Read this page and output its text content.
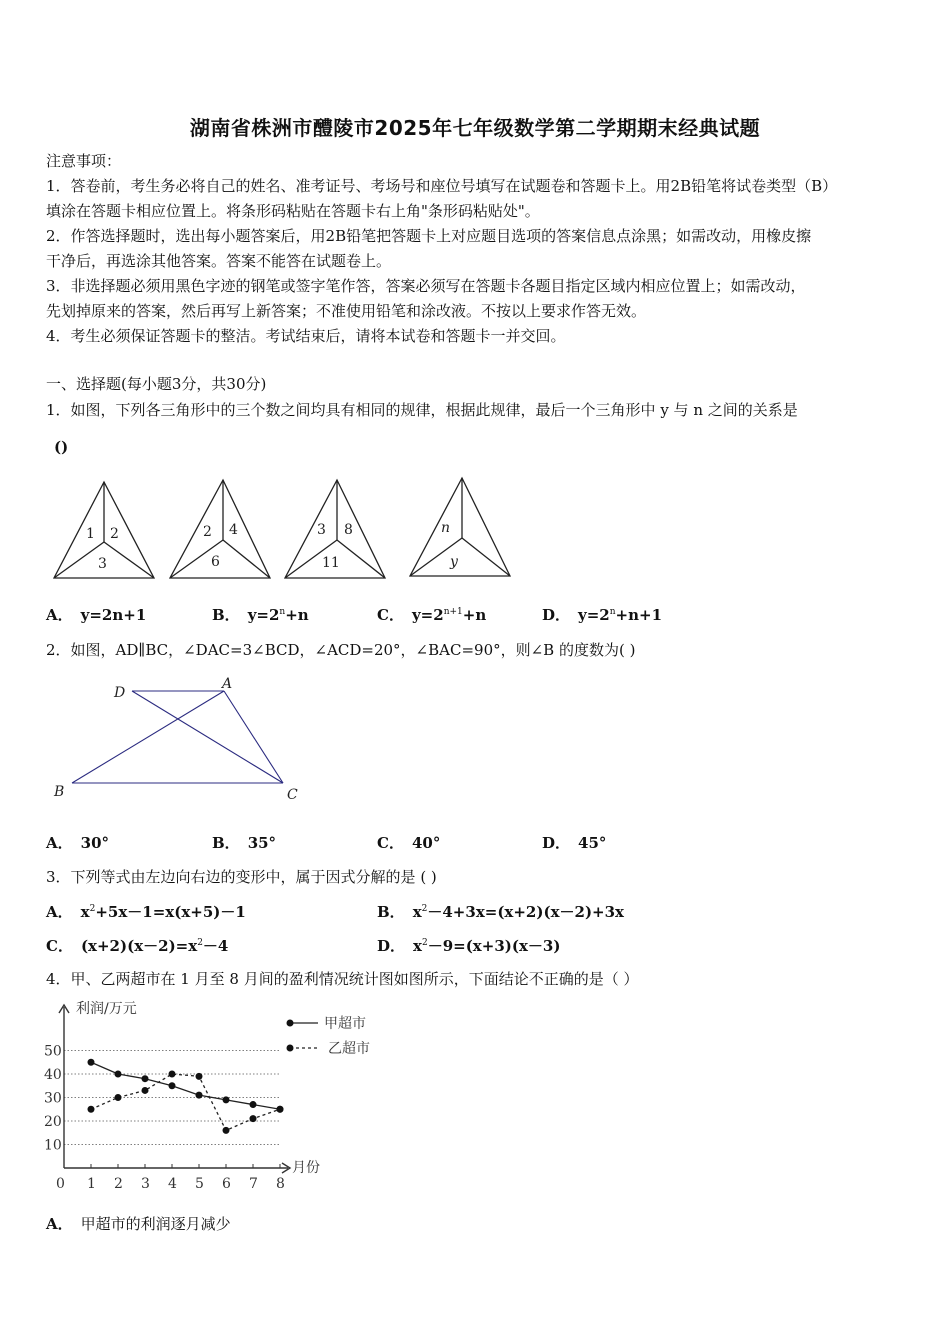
湖南省株洲市醴陵市2025年七年级数学第二学期期末经典试题
注意事项：
1．答卷前，考生务必将自己的姓名、准考证号、考场号和座位号填写在试题卷和答题卡上。用2B铅笔将试卷类型（B）
填涂在答题卡相应位置上。将条形码粘贴在答题卡右上角"条形码粘贴处"。
2．作答选择题时，选出每小题答案后，用2B铅笔把答题卡上对应题目选项的答案信息点涂黑；如需改动，用橡皮擦
干净后，再选涂其他答案。答案不能答在试题卷上。
3．非选择题必须用黑色字迹的钢笔或签字笔作答，答案必须写在答题卡各题目指定区域内相应位置上；如需改动，
先划掉原来的答案，然后再写上新答案；不准使用铅笔和涂改液。不按以上要求作答无效。
4．考生必须保证答题卡的整洁。考试结束后，请将本试卷和答题卡一并交回。
一、选择题(每小题3分，共30分)
1．如图，下列各三角形中的三个数之间均具有相同的规律，根据此规律，最后一个三角形中 y 与 n 之间的关系是
()
1 2
3
2 4
6
3 8
11
n
y
A． y=2n+1	B． $y=2^n+n$	C． $y=2^{n+1}+n$	D． $y=2^n+n+1$
2．如图，AD∥BC，∠DAC=3∠BCD，∠ACD=20°，∠BAC=90°，则∠B 的度数为( )
D
A
B	C
A． 30°	B． 35°	C． 40°	D． 45°
3．下列等式由左边向右边的变形中，属于因式分解的是 ( )
A． $x^2+5x-1=x(x+5)-1$	B． $x^2-4+3x=(x+2)(x-2)+3x$
C． $(x+2)(x-2)=x^2-4$	D． $x^2-9=(x+3)(x-3)$
4．甲、乙两超市在 1 月至 8 月间的盈利情况统计图如图所示，下面结论不正确的是（ ）
10
20
30
40
50
0 1 2 3 4 5 6 7 8
利润/万元
月份
甲超市
乙超市
A． 甲超市的利润逐月减少
